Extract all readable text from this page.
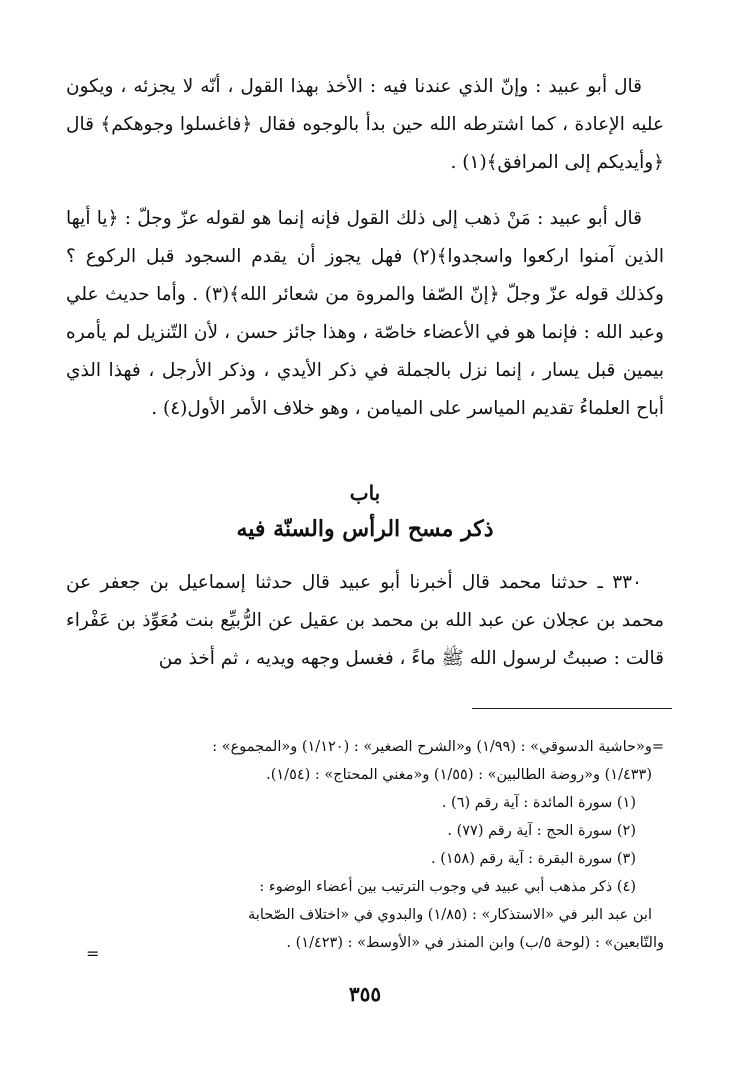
قال أبو عبيد : وإنّ الذي عندنا فيه : الأخذ بهذا القول ، أنّه لا يجزئه ، ويكون عليه الإعادة ، كما اشترطه الله حين بدأ بالوجوه فقال ﴿فاغسلوا وجوهكم﴾ قال ﴿وأيديكم إلى المرافق﴾(١) .
قال أبو عبيد : مَنْ ذهب إلى ذلك القول فإنه إنما هو لقوله عزّ وجلّ : ﴿يا أيها الذين آمنوا اركعوا واسجدوا﴾(٢) فهل يجوز أن يقدم السجود قبل الركوع ؟ وكذلك قوله عزّ وجلّ ﴿إنّ الصّفا والمروة من شعائر الله﴾(٣) . وأما حديث علي وعبد الله : فإنما هو في الأعضاء خاصّة ، وهذا جائز حسن ، لأن التّنزيل لم يأمره بيمين قبل يسار ، إنما نزل بالجملة في ذكر الأيدي ، وذكر الأرجل ، فهذا الذي أباح العلماءُ تقديم المياسر على الميامن ، وهو خلاف الأمر الأول(٤) .
باب
ذكر مسح الرأس والسنّة فيه
٣٣٠ ـ حدثنا محمد قال أخبرنا أبو عبيد قال حدثنا إسماعيل بن جعفر عن محمد بن عجلان عن عبد الله بن محمد بن عقيل عن الرُّبيِّع بنت مُعَوِّذ بن عَفْراء قالت : صببتُ لرسول الله ﷺ ماءً ، فغسل وجهه ويديه ، ثم أخذ من
=و«حاشية الدسوقي» : (١/٩٩) و«الشرح الصغير» : (١/١٢٠) و«المجموع» :
(١/٤٣٣) و«روضة الطالبين» : (١/٥٥) و«مغني المحتاج» : (١/٥٤).
(١) سورة المائدة : آية رقم (٦) .
(٢) سورة الحج : آية رقم (٧٧) .
(٣) سورة البقرة : آية رقم (١٥٨) .
(٤) ذكر مذهب أبي عبيد في وجوب الترتيب بين أعضاء الوضوء :
ابن عبد البر في «الاستذكار» : (١/٨٥) والبدوي في «اختلاف الصّحابة
والتّابعين» : (لوحة ٥/ب) وابن المنذر في «الأوسط» : (١/٤٢٣) .
=
٣٥٥
